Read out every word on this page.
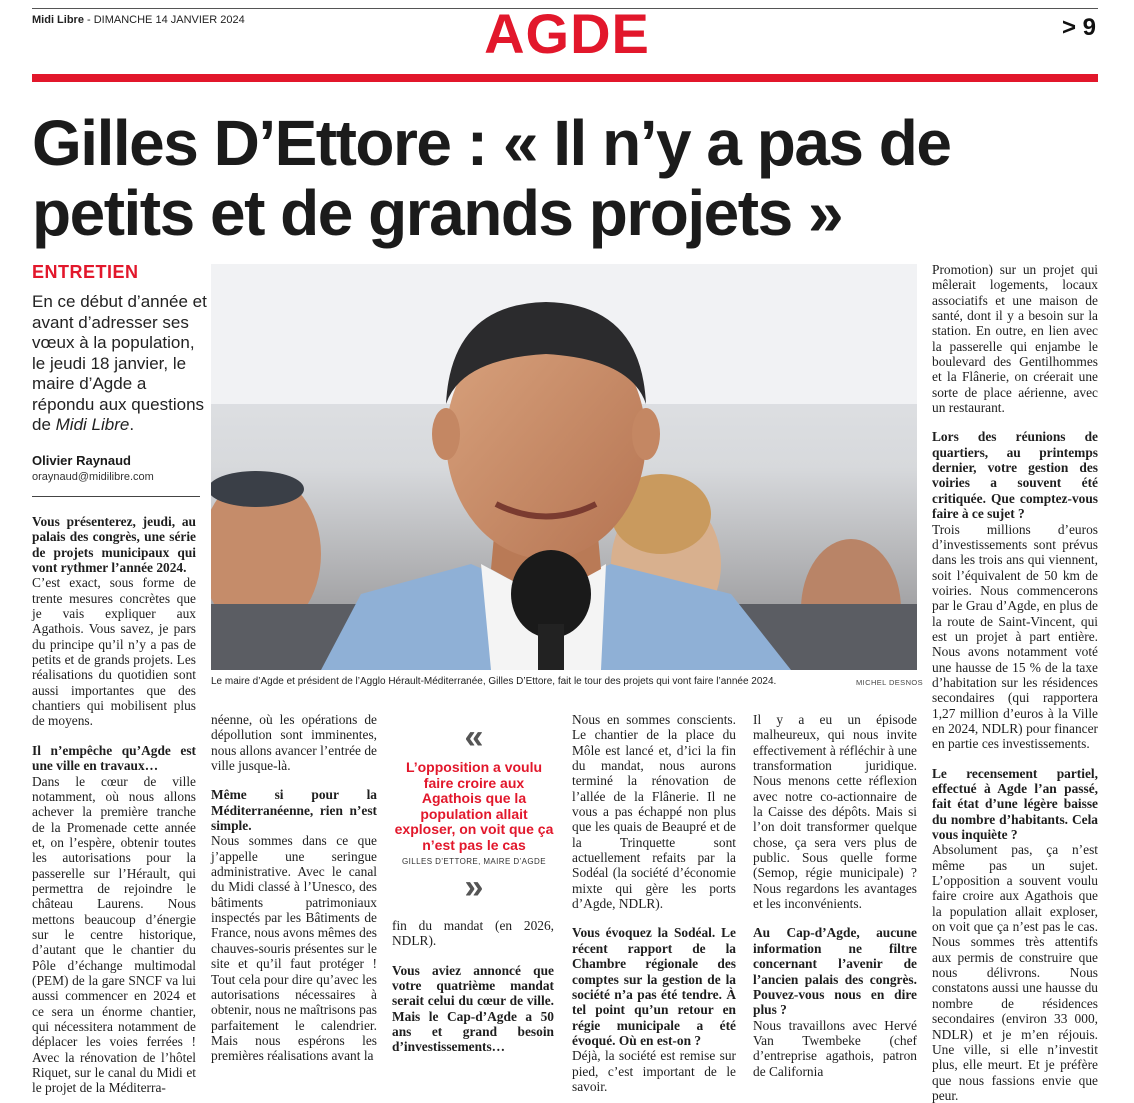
Midi Libre - DIMANCHE 14 JANVIER 2024	AGDE	> 9
Gilles D’Ettore : « Il n’y a pas de petits et de grands projets »
ENTRETIEN
En ce début d’année et avant d’adresser ses vœux à la population, le jeudi 18 janvier, le maire d’Agde a répondu aux questions de Midi Libre.
Olivier Raynaud
oraynaud@midilibre.com
Le maire d’Agde et président de l’Agglo Hérault-Méditerranée, Gilles D’Ettore, fait le tour des projets qui vont faire l’année 2024.	MICHEL DESNOS
«
L’opposition a voulu faire croire aux Agathois que la population allait exploser, on voit que ça n’est pas le cas
GILLES D’ETTORE, MAIRE D’AGDE
»

Vous présenterez, jeudi, au palais des congrès, une série de projets municipaux qui vont rythmer l’année 2024.

C’est exact, sous forme de trente mesures concrètes que je vais expliquer aux Agathois. Vous savez, je pars du principe qu’il n’y a pas de petits et de grands projets. Les réalisations du quotidien sont aussi importantes que des chantiers qui mobilisent plus de moyens.

Il n’empêche qu’Agde est une ville en travaux…

Dans le cœur de ville notamment, où nous allons achever la première tranche de la Promenade cette année et, on l’espère, obtenir toutes les autorisations pour la passerelle sur l’Hérault, qui permettra de rejoindre le château Laurens. Nous mettons beaucoup d’énergie sur le centre historique, d’autant que le chantier du Pôle d’échange multimodal (PEM) de la gare SNCF va lui aussi commencer en 2024 et ce sera un énorme chantier, qui nécessitera notamment de déplacer les voies ferrées ! Avec la rénovation de l’hôtel Riquet, sur le canal du Midi et le projet de la Méditerra-

néenne, où les opérations de dépollution sont imminentes, nous allons avancer l’entrée de ville jusque-là.

Même si pour la Méditerranéenne, rien n’est simple.

Nous sommes dans ce que j’appelle une seringue administrative. Avec le canal du Midi classé à l’Unesco, des bâtiments patrimoniaux inspectés par les Bâtiments de France, nous avons mêmes des chauves-souris présentes sur le site et qu’il faut protéger ! Tout cela pour dire qu’avec les autorisations nécessaires à obtenir, nous ne maîtrisons pas parfaitement le calendrier. Mais nous espérons les premières réalisations avant la

fin du mandat (en 2026, NDLR).

Vous aviez annoncé que votre quatrième mandat serait celui du cœur de ville. Mais le Cap-d’Agde a 50 ans et grand besoin d’investissements…

Nous en sommes conscients. Le chantier de la place du Môle est lancé et, d’ici la fin du mandat, nous aurons terminé la rénovation de l’allée de la Flânerie. Il ne vous a pas échappé non plus que les quais de Beaupré et de la Trinquette sont actuellement refaits par la Sodéal (la société d’économie mixte qui gère les ports d’Agde, NDLR).

Vous évoquez la Sodéal. Le récent rapport de la Chambre régionale des comptes sur la gestion de la société n’a pas été tendre. À tel point qu’un retour en régie municipale a été évoqué. Où en est-on ?

Déjà, la société est remise sur pied, c’est important de le savoir.

Il y a eu un épisode malheureux, qui nous invite effectivement à réfléchir à une transformation juridique. Nous menons cette réflexion avec notre co-actionnaire de la Caisse des dépôts. Mais si l’on doit transformer quelque chose, ça sera vers plus de public. Sous quelle forme (Semop, régie municipale) ? Nous regardons les avantages et les inconvénients.

Au Cap-d’Agde, aucune information ne filtre concernant l’avenir de l’ancien palais des congrès. Pouvez-vous nous en dire plus ?

Nous travaillons avec Hervé Van Twembeke (chef d’entreprise agathois, patron de California

Promotion) sur un projet qui mêlerait logements, locaux associatifs et une maison de santé, dont il y a besoin sur la station. En outre, en lien avec la passerelle qui enjambe le boulevard des Gentilhommes et la Flânerie, on créerait une sorte de place aérienne, avec un restaurant.

Lors des réunions de quartiers, au printemps dernier, votre gestion des voiries a souvent été critiquée. Que comptez-vous faire à ce sujet ?

Trois millions d’euros d’investissements sont prévus dans les trois ans qui viennent, soit l’équivalent de 50 km de voiries. Nous commencerons par le Grau d’Agde, en plus de la route de Saint-Vincent, qui est un projet à part entière. Nous avons notamment voté une hausse de 15 % de la taxe d’habitation sur les résidences secondaires (qui rapportera 1,27 million d’euros à la Ville en 2024, NDLR) pour financer en partie ces investissements.

Le recensement partiel, effectué à Agde l’an passé, fait état d’une légère baisse du nombre d’habitants. Cela vous inquiète ?

Absolument pas, ça n’est même pas un sujet. L’opposition a souvent voulu faire croire aux Agathois que la population allait exploser, on voit que ça n’est pas le cas. Nous sommes très attentifs aux permis de construire que nous délivrons. Nous constatons aussi une hausse du nombre de résidences secondaires (environ 33 000, NDLR) et je m’en réjouis. Une ville, si elle n’investit plus, elle meurt. Et je préfère que nous fassions envie que peur.
